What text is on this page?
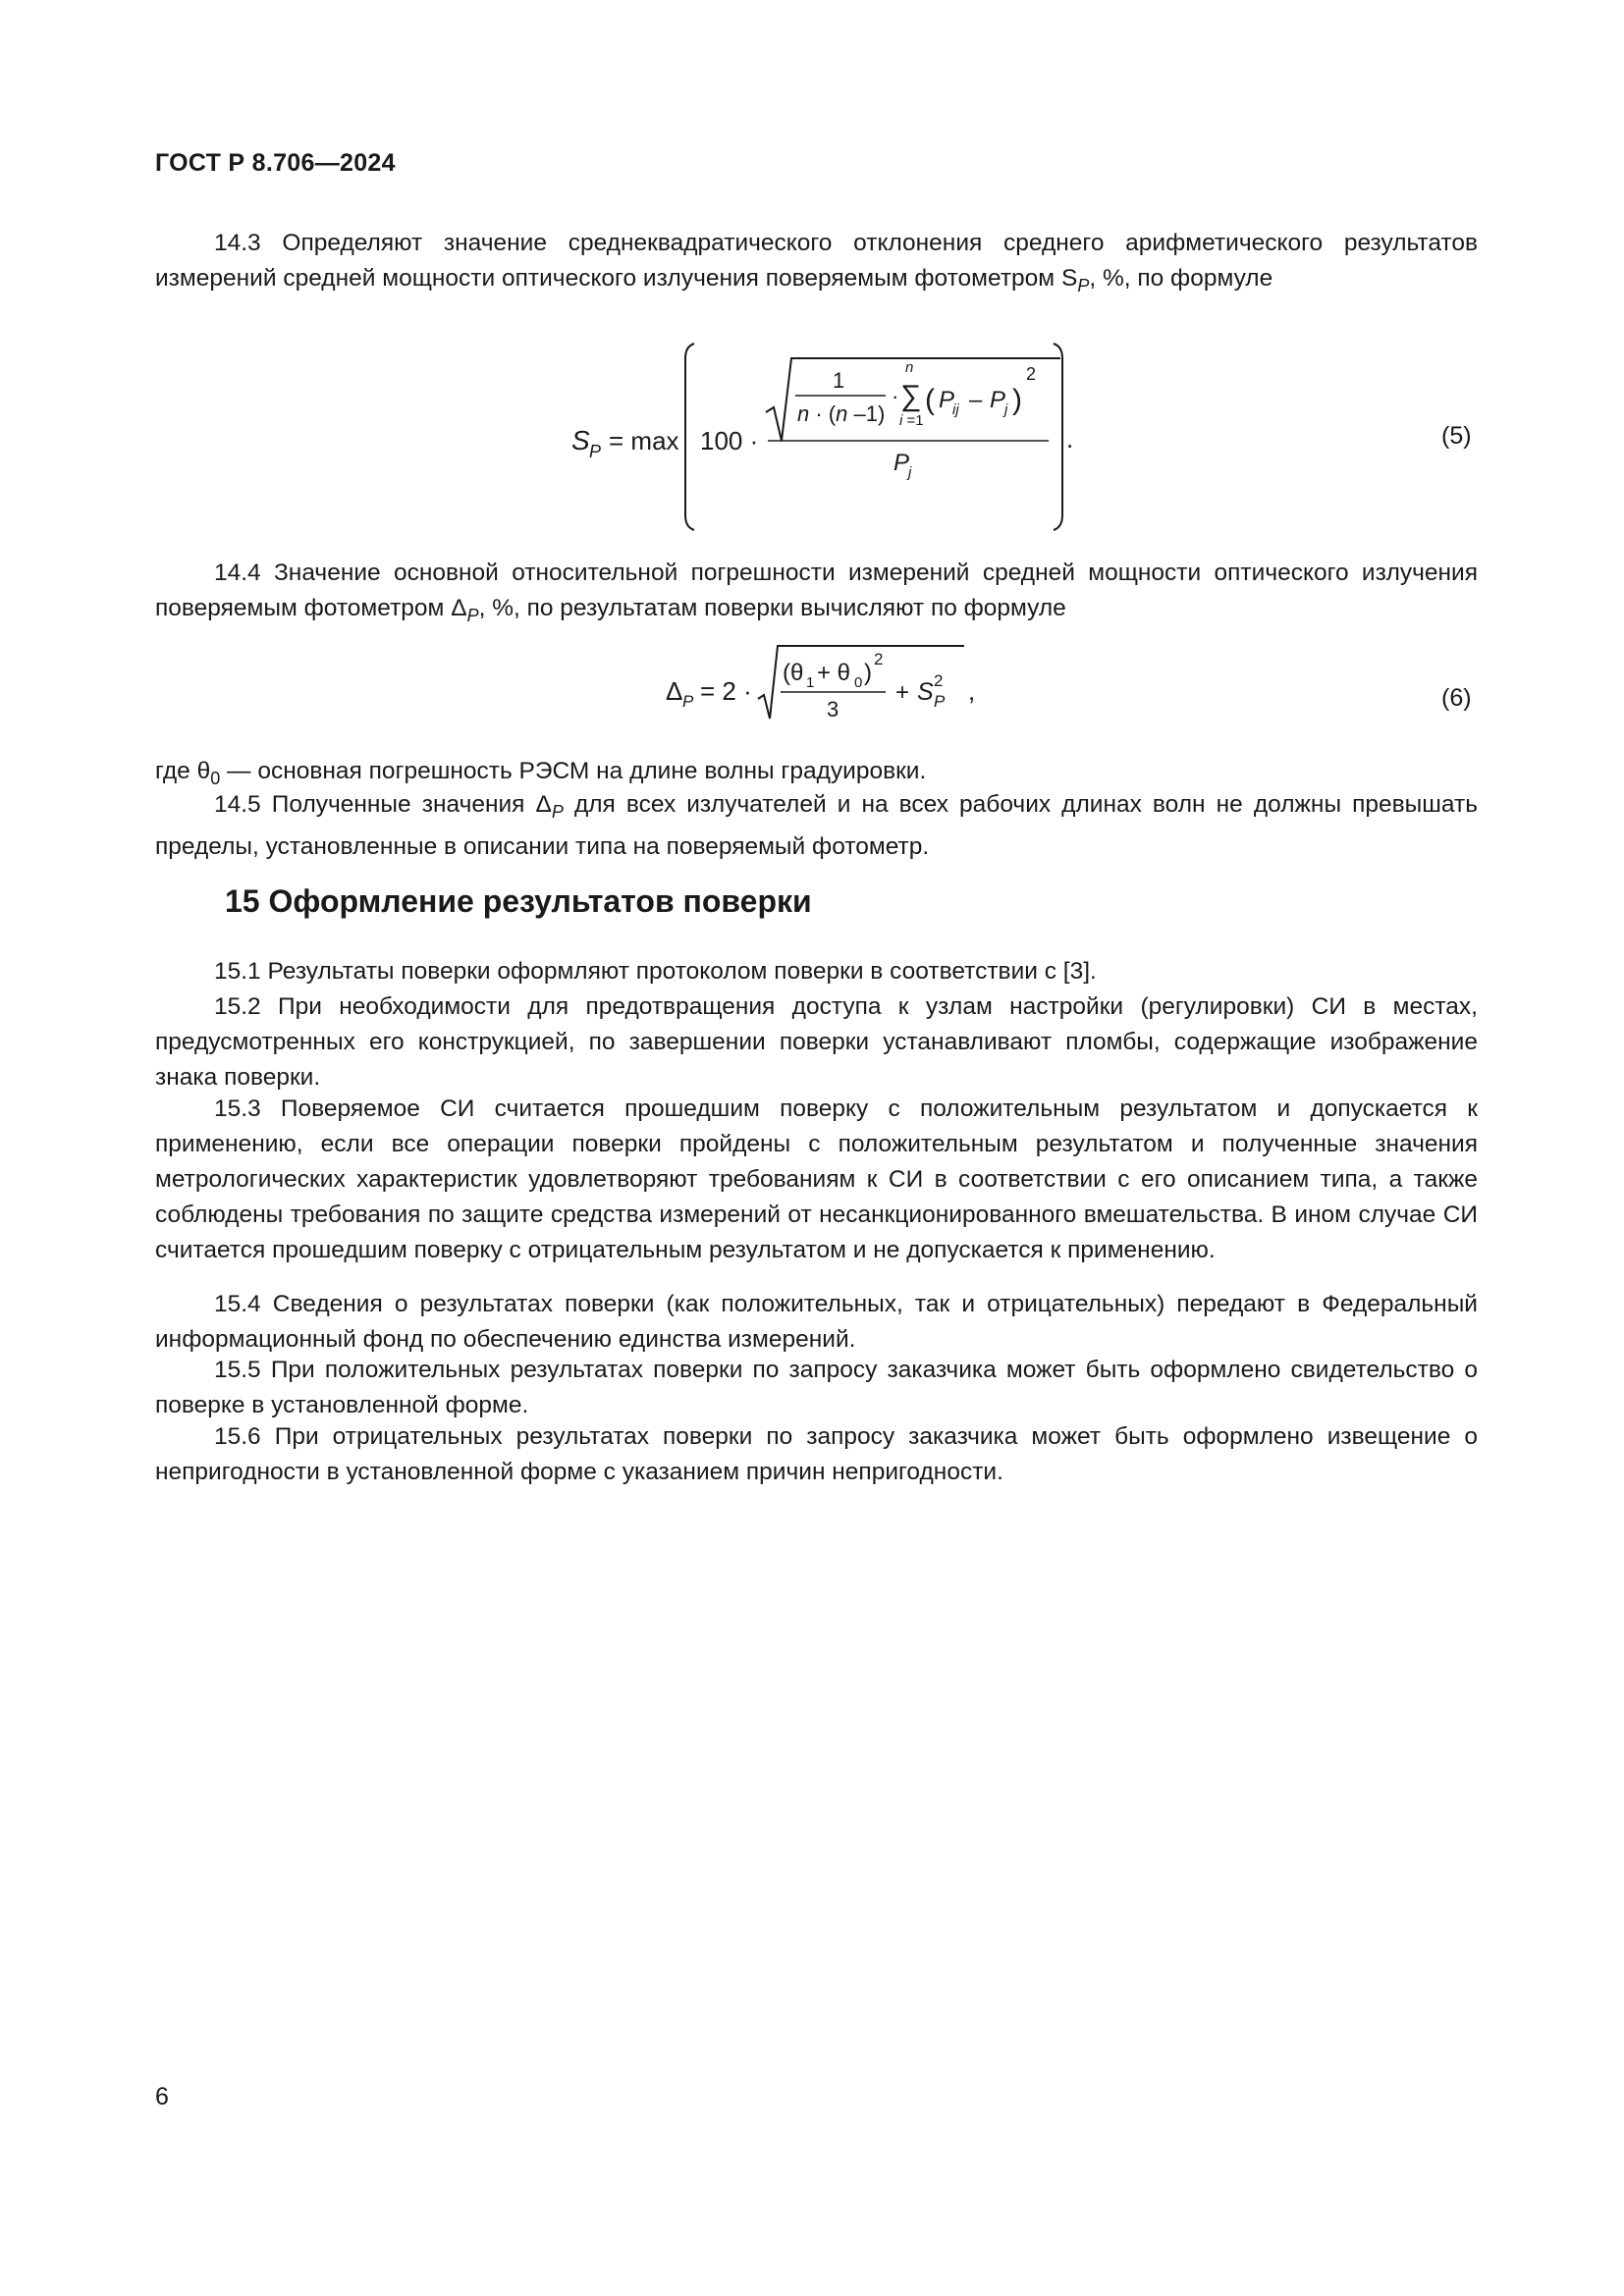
ГОСТ Р 8.706—2024

14.3 Определяют значение среднеквадратического отклонения среднего арифметического результатов измерений средней мощности оптического излучения поверяемым фотометром $S_P$, %, по формуле

S P = max 100 ·
1
n · (n –1)
·
n
∑
i =1
( P
ij – P
j )
2
P
j
.	(5)

14.4 Значение основной относительной погрешности измерений средней мощности оптического излучения поверяемым фотометром $\Delta_P$, %, по результатам поверки вычисляют по формуле

Δ P = 2 ·
(θ 1 + θ 0 )
2
3
+ S 2
P ,	(6)

где $\theta_0$ — основная погрешность РЭСМ на длине волны градуировки.

14.5 Полученные значения $\Delta_P$ для всех излучателей и на всех рабочих длинах волн не должны превышать пределы, установленные в описании типа на поверяемый фотометр.

15 Оформление результатов поверки

15.1 Результаты поверки оформляют протоколом поверки в соответствии с [3].

15.2 При необходимости для предотвращения доступа к узлам настройки (регулировки) СИ в местах, предусмотренных его конструкцией, по завершении поверки устанавливают пломбы, содержащие изображение знака поверки.

15.3 Поверяемое СИ считается прошедшим поверку с положительным результатом и допускается к применению, если все операции поверки пройдены с положительным результатом и полученные значения метрологических характеристик удовлетворяют требованиям к СИ в соответствии с его описанием типа, а также соблюдены требования по защите средства измерений от несанкционированного вмешательства. В ином случае СИ считается прошедшим поверку с отрицательным результатом и не допускается к применению.

15.4 Сведения о результатах поверки (как положительных, так и отрицательных) передают в Федеральный информационный фонд по обеспечению единства измерений.

15.5 При положительных результатах поверки по запросу заказчика может быть оформлено свидетельство о поверке в установленной форме.

15.6 При отрицательных результатах поверки по запросу заказчика может быть оформлено извещение о непригодности в установленной форме с указанием причин непригодности.

6
